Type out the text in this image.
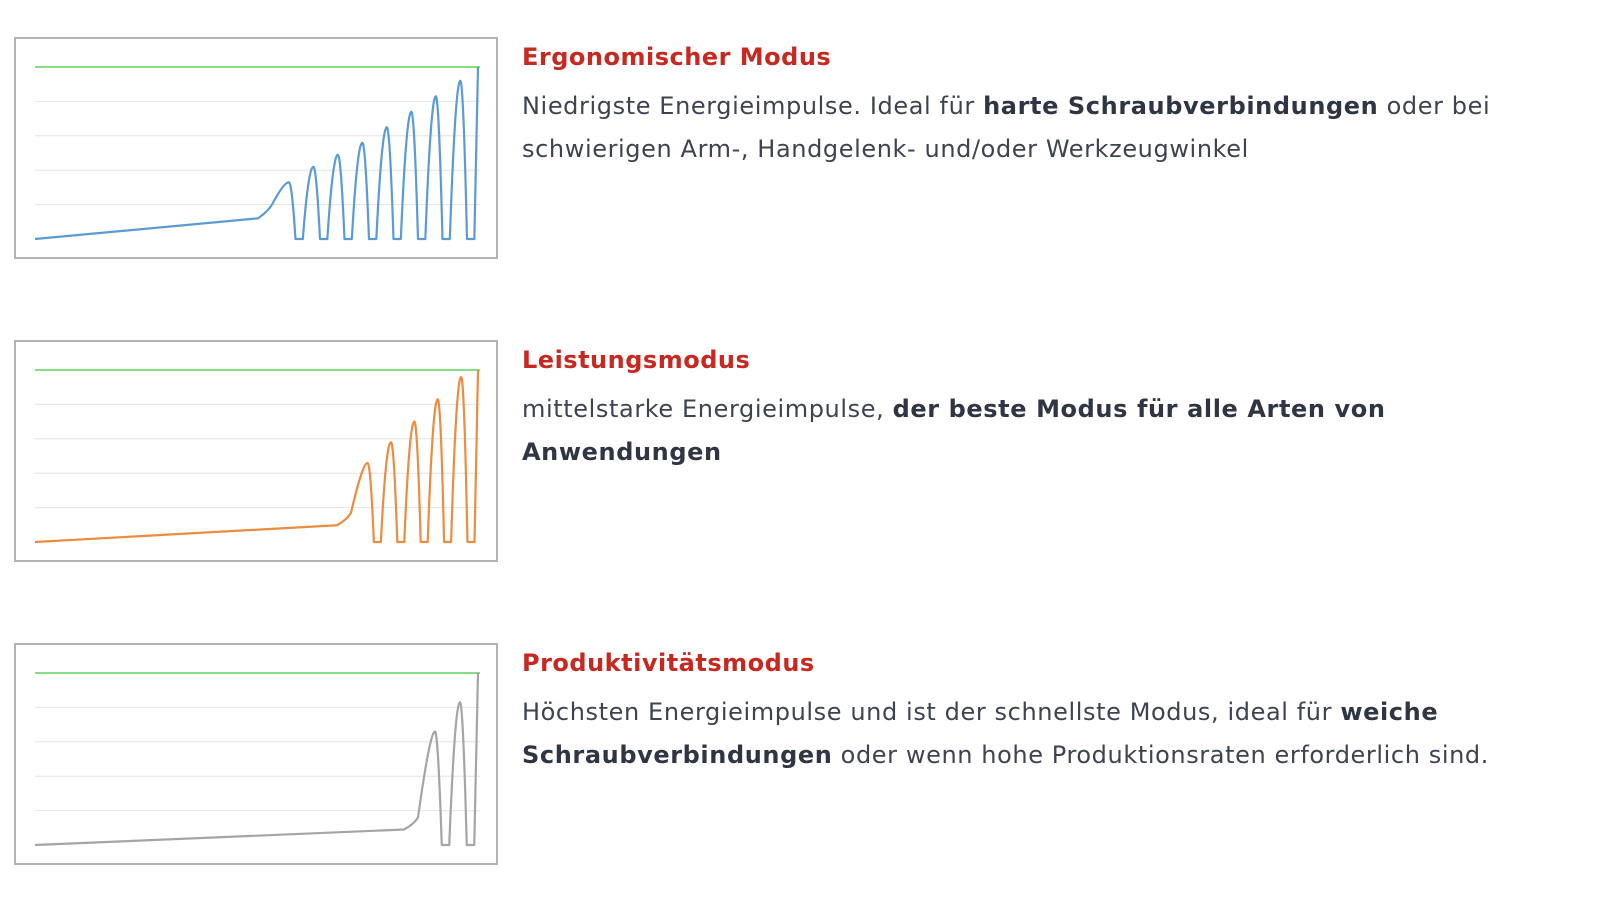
Ergonomischer Modus

Niedrigste Energieimpulse. Ideal für harte Schraubverbindungen oder bei schwierigen Arm-, Handgelenk- und/oder Werkzeugwinkel

Leistungsmodus

mittelstarke Energieimpulse, der beste Modus für alle Arten von Anwendungen

Produktivitätsmodus

Höchsten Energieimpulse und ist der schnellste Modus, ideal für weiche Schraubverbindungen oder wenn hohe Produktionsraten erforderlich sind.
